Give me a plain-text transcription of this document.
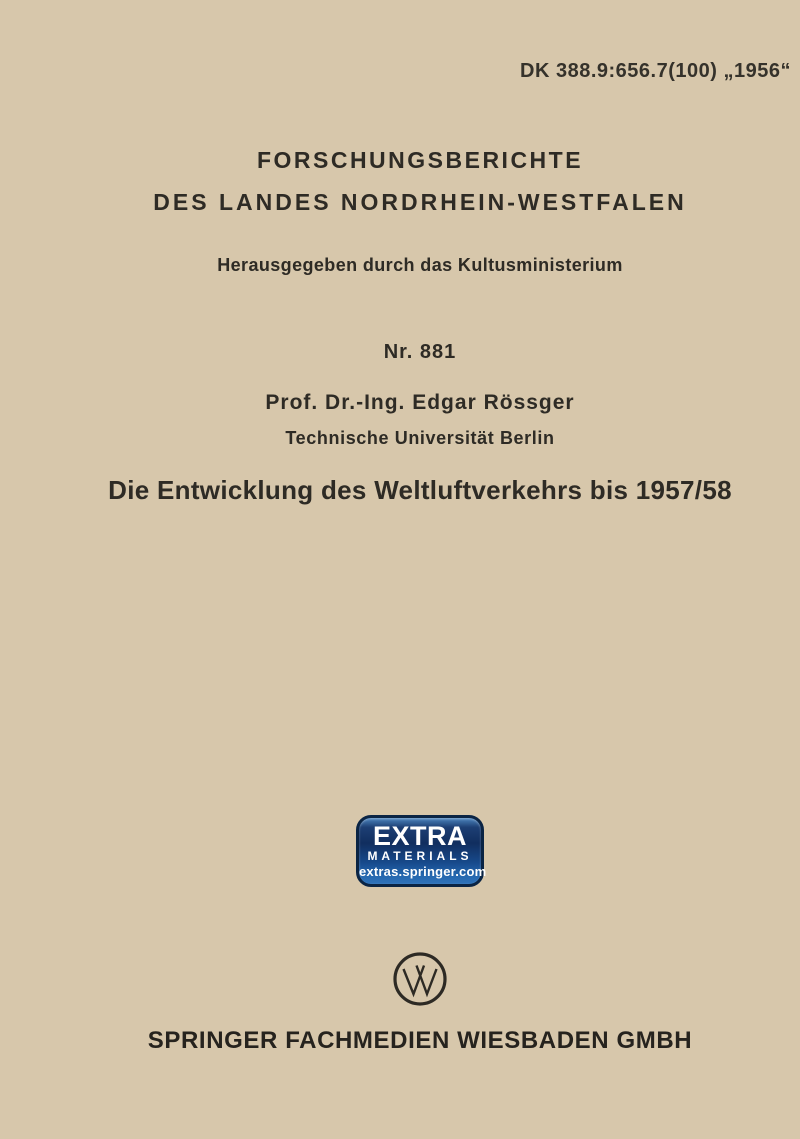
DK 388.9:656.7(100) „1956“
FORSCHUNGSBERICHTE
DES LANDES NORDRHEIN-WESTFALEN
Herausgegeben durch das Kultusministerium
Nr. 881
Prof. Dr.-Ing. Edgar Rössger
Technische Universität Berlin
Die Entwicklung des Weltluftverkehrs bis 1957/58
EXTRA
MATERIALS
extras.springer.com
SPRINGER FACHMEDIEN WIESBADEN GMBH
